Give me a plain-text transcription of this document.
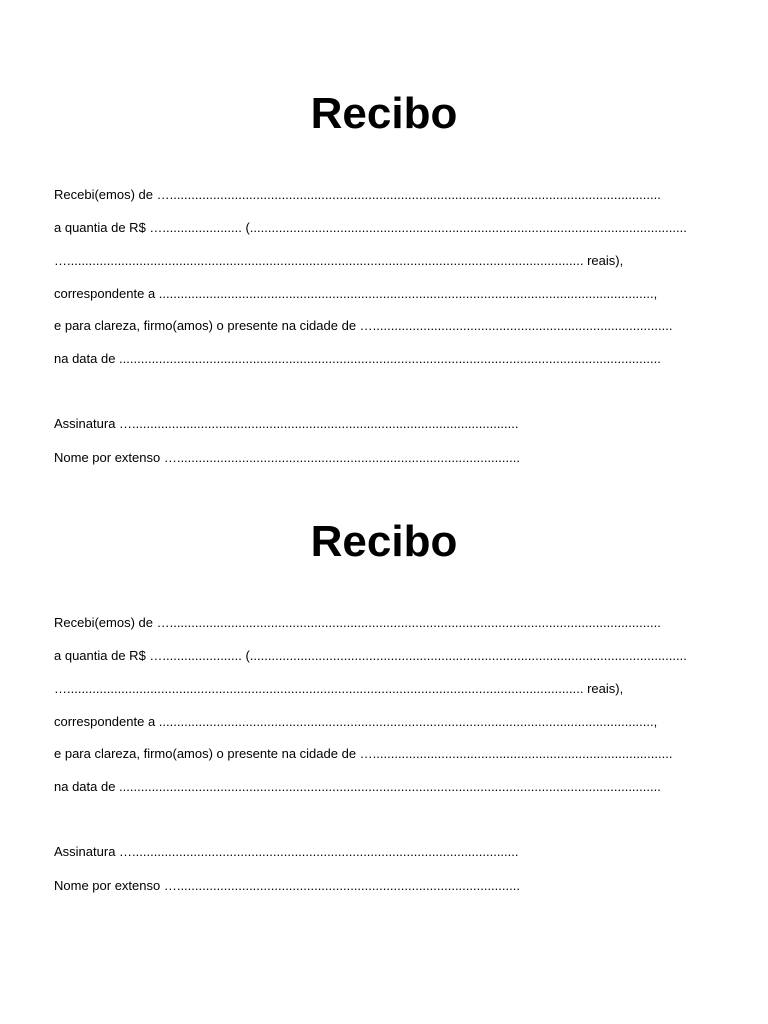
Recibo
Recebi(emos) de …........................................................................................................................................
a quantia de R$ …...................... (.........................................................................................................................
…............................................................................................................................................... reais),
correspondente a .........................................................................................................................................,
e para clareza, firmo(amos) o presente na cidade de …...................................................................................
na data de ......................................................................................................................................................
Assinatura …...........................................................................................................
Nome por extenso …...............................................................................................
Recibo
Recebi(emos) de …........................................................................................................................................
a quantia de R$ …...................... (.........................................................................................................................
…............................................................................................................................................... reais),
correspondente a .........................................................................................................................................,
e para clareza, firmo(amos) o presente na cidade de …...................................................................................
na data de ......................................................................................................................................................
Assinatura …...........................................................................................................
Nome por extenso …...............................................................................................
